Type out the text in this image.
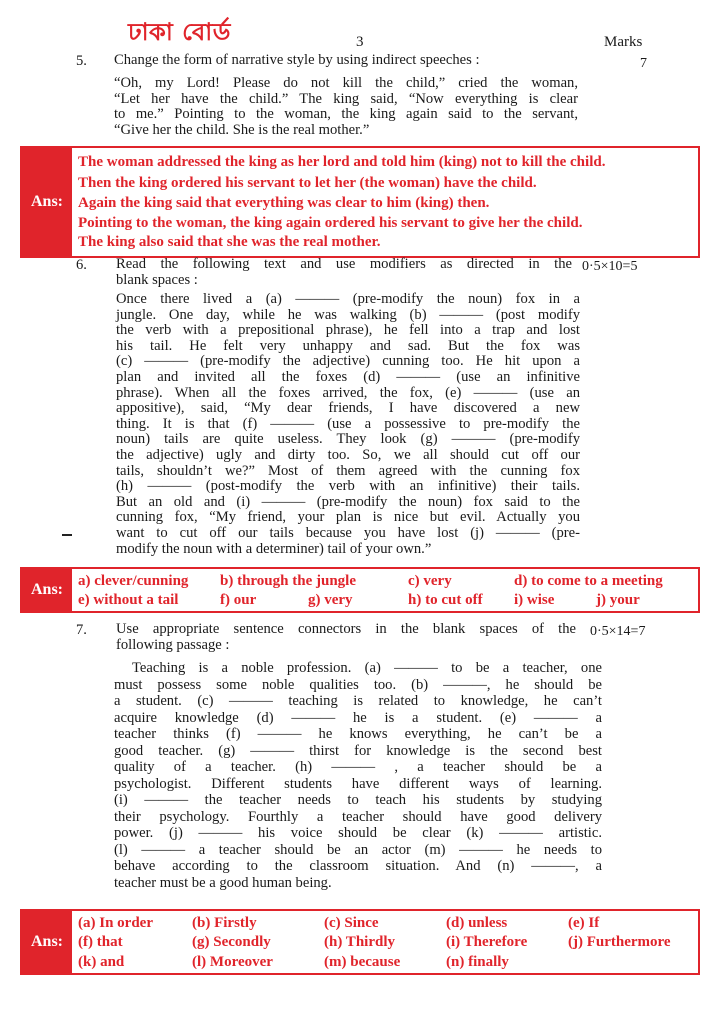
ঢাকা বোর্ড	3	Marks
5. Change the form of narrative style by using indirect speeches :	7

“Oh, my Lord! Please do not kill the child,” cried the woman,

“Let her have the child.” The king said, “Now everything is clear

to me.” Pointing to the woman, the king again said to the servant,

“Give her the child. She is the real mother.”

Ans:
The woman addressed the king as her lord and told him (king) not to kill the child.
Then the king ordered his servant to let her (the woman) have the child.
Again the king said that everything was clear to him (king) then.
Pointing to the woman, the king again ordered his servant to give her the child.
The king also said that she was the real mother.
6. Read the following text and use modifiers as directed in the

blank spaces :

0·5×10=5

Once there lived a (a) ——— (pre-modify the noun) fox in a

jungle. One day, while he was walking (b) ——— (post modify

the verb with a prepositional phrase), he fell into a trap and lost

his tail. He felt very unhappy and sad. But the fox was

(c) ——— (pre-modify the adjective) cunning too. He hit upon a

plan and invited all the foxes (d) ——— (use an infinitive

phrase). When all the foxes arrived, the fox, (e) ——— (use an

appositive), said, “My dear friends, I have discovered a new

thing. It is that (f) ——— (use a possessive to pre-modify the

noun) tails are quite useless. They look (g) ——— (pre-modify

the adjective) ugly and dirty too. So, we all should cut off our

tails, shouldn’t we?” Most of them agreed with the cunning fox

(h) ——— (post-modify the verb with an infinitive) their tails.

But an old and (i) ——— (pre-modify the noun) fox said to the

cunning fox, “My friend, your plan is nice but evil. Actually you

want to cut off our tails because you have lost (j) ——— (pre-

modify the noun with a determiner) tail of your own.”

Ans:	a) clever/cunning b) through the jungle	c) very	d) to come to a meeting
e) without a tail	f) our	g) very	h) to cut off i) wise	j) your
7. Use appropriate sentence connectors in the blank spaces of the

following passage :

0·5×14=7

Teaching is a noble profession. (a) ——— to be a teacher, one

must possess some noble qualities too. (b) ———, he should be

a student. (c) ——— teaching is related to knowledge, he can’t

acquire knowledge (d) ——— he is a student. (e) ——— a

teacher thinks (f) ——— he knows everything, he can’t be a

good teacher. (g) ——— thirst for knowledge is the second best

quality of a teacher. (h) ——— , a teacher should be a

psychologist. Different students have different ways of learning.

(i) ——— the teacher needs to teach his students by studying

their psychology. Fourthly a teacher should have good delivery

power. (j) ——— his voice should be clear (k) ——— artistic.

(l) ——— a teacher should be an actor (m) ——— he needs to

behave according to the classroom situation. And (n) ———, a

teacher must be a good human being.

Ans:
(a) In order	(b) Firstly	(c) Since	(d) unless	(e) If
(f) that	(g) Secondly	(h) Thirdly	(i) Therefore	(j) Furthermore
(k) and	(l) Moreover	(m) because	(n) finally
